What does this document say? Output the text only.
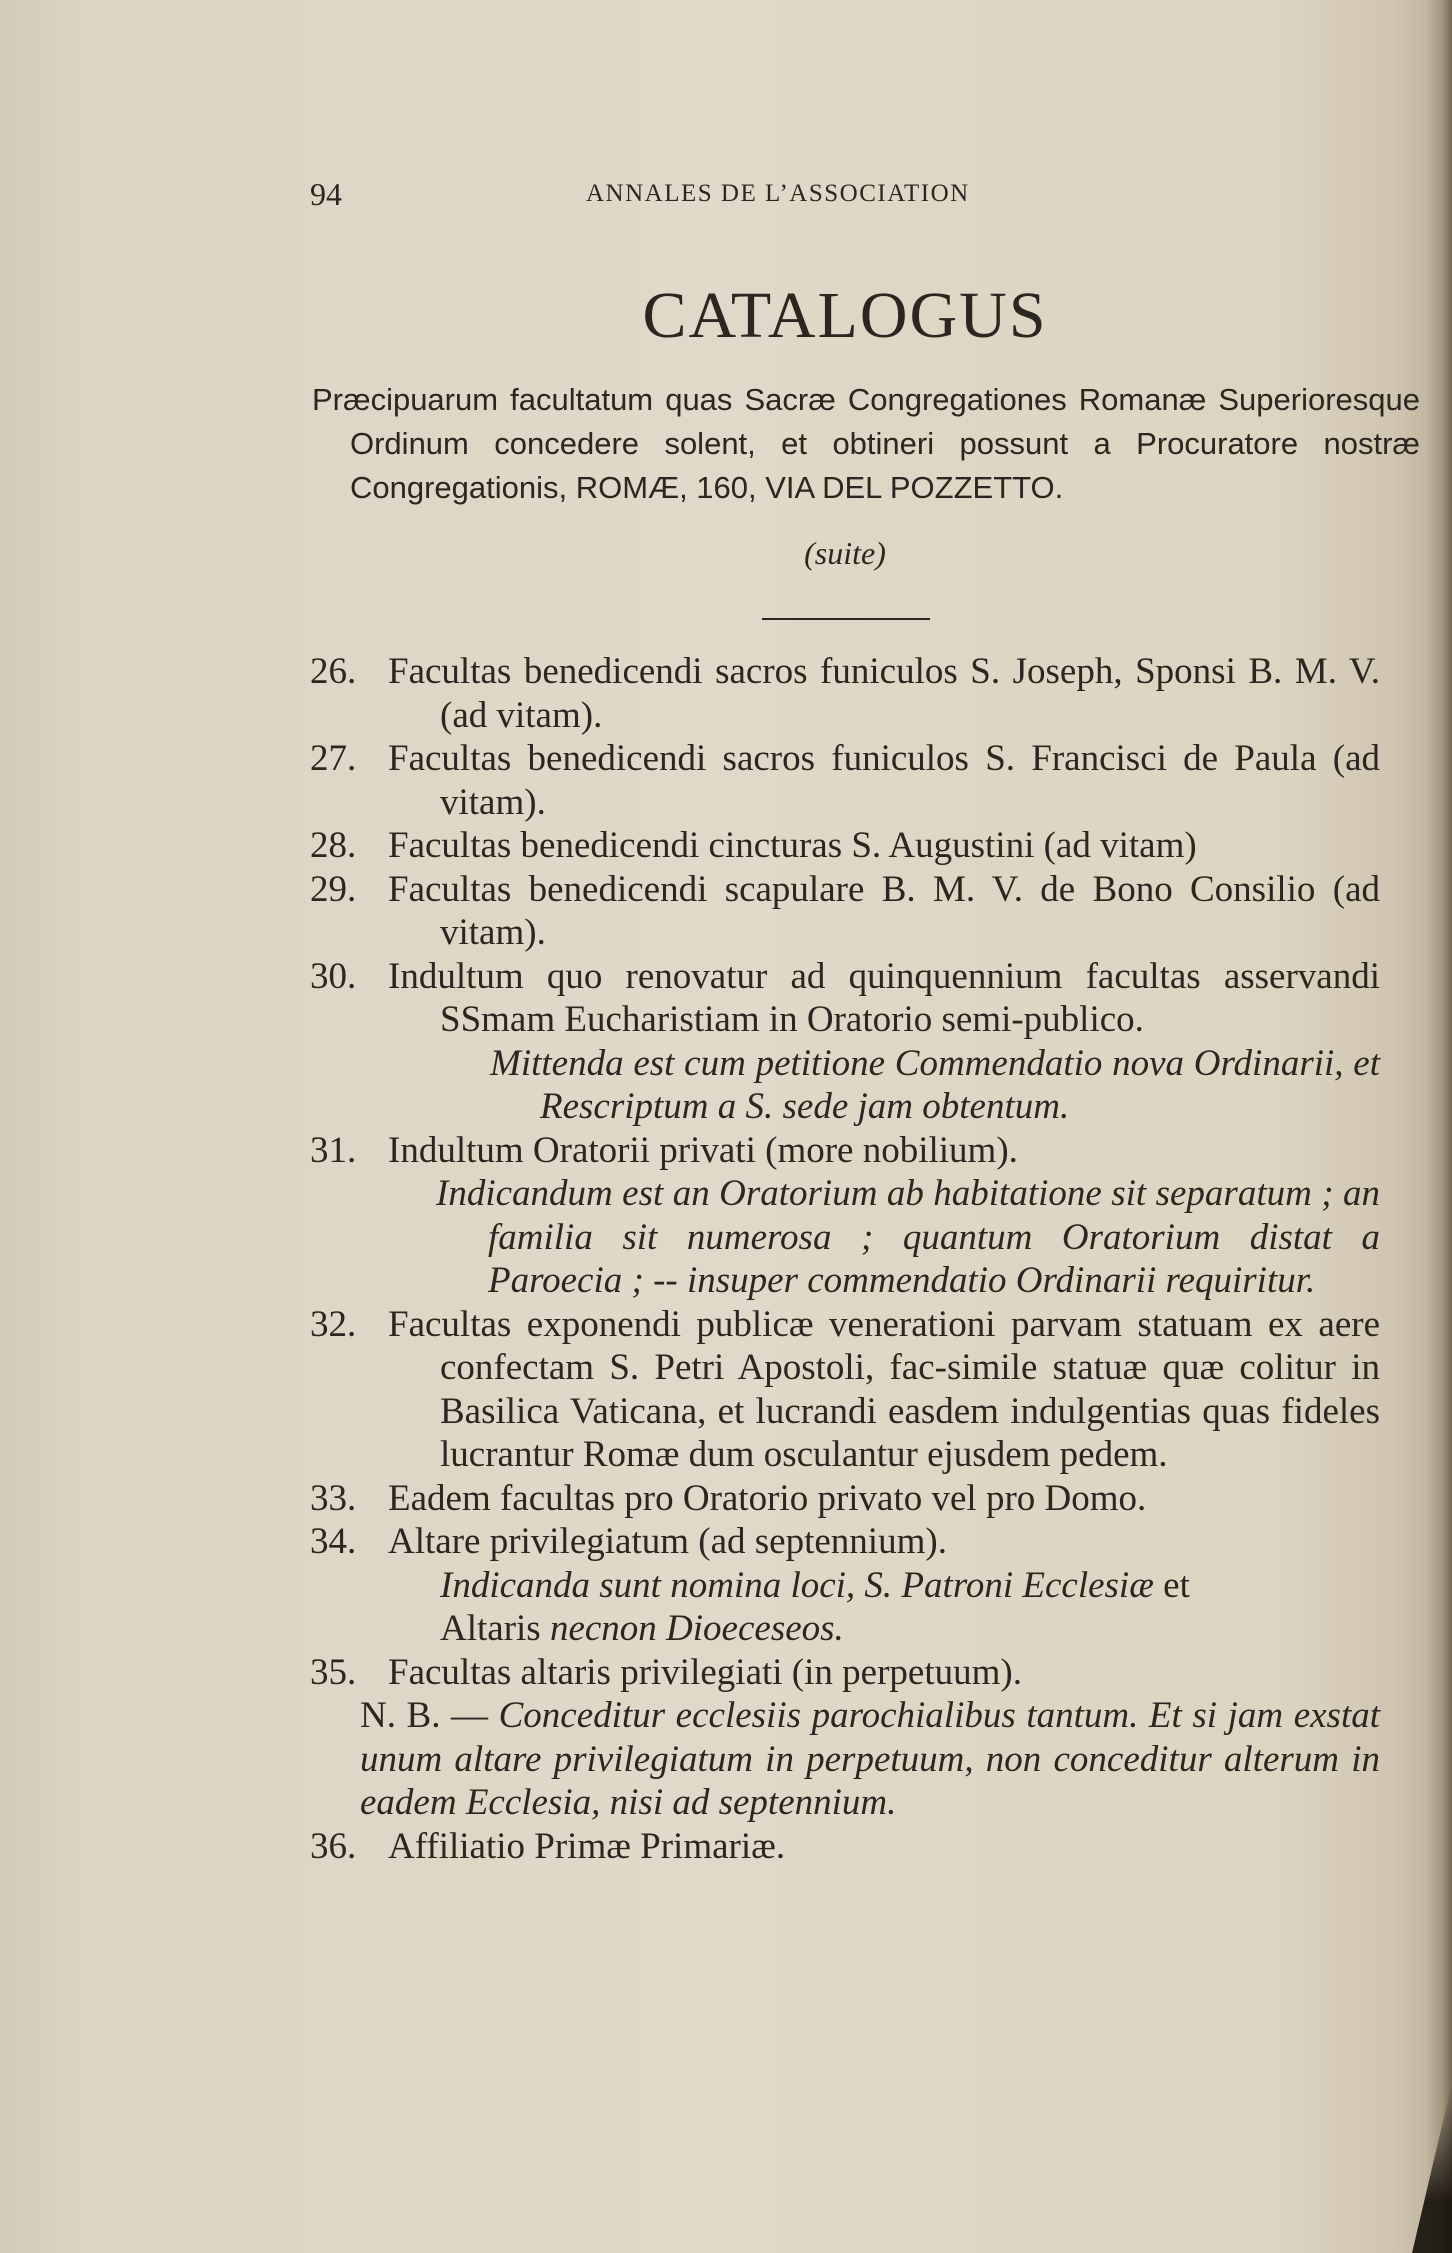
94	ANNALES DE L’ASSOCIATION
CATALOGUS
Præcipuarum facultatum quas Sacræ Congregationes Romanæ Superioresque Ordinum concedere solent, et obtineri possunt a Procuratore nostræ Congregationis, ROMÆ, 160, VIA DEL POZZETTO.
(suite)
26. Facultas benedicendi sacros funiculos S. Joseph, Sponsi B. M. V. (ad vitam).
27. Facultas benedicendi sacros funiculos S. Francisci de Paula (ad vitam).
28. Facultas benedicendi cincturas S. Augustini (ad vitam)
29. Facultas benedicendi scapulare B. M. V. de Bono Consilio (ad vitam).
30. Indultum quo renovatur ad quinquennium facultas asservandi SSmam Eucharistiam in Oratorio semi-publico.
Mittenda est cum petitione Commendatio nova Ordinarii, et Rescriptum a S. sede jam obtentum.
31. Indultum Oratorii privati (more nobilium).
Indicandum est an Oratorium ab habitatione sit separatum ; an familia sit numerosa ; quantum Oratorium distat a Paroecia ; -- insuper commendatio Ordinarii requiritur.
32. Facultas exponendi publicæ venerationi parvam statuam ex aere confectam S. Petri Apostoli, fac-simile statuæ quæ colitur in Basilica Vaticana, et lucrandi easdem indulgentias quas fideles lucrantur Romæ dum osculantur ejusdem pedem.
33. Eadem facultas pro Oratorio privato vel pro Domo.
34. Altare privilegiatum (ad septennium).
Indicanda sunt nomina loci, S. Patroni Ecclesiæ et
Altaris necnon Dioeceseos.
35. Facultas altaris privilegiati (in perpetuum).
N. B. — Conceditur ecclesiis parochialibus tantum. Et si jam exstat unum altare privilegiatum in perpetuum, non conceditur alterum in eadem Ecclesia, nisi ad septennium.
36. Affiliatio Primæ Primariæ.
